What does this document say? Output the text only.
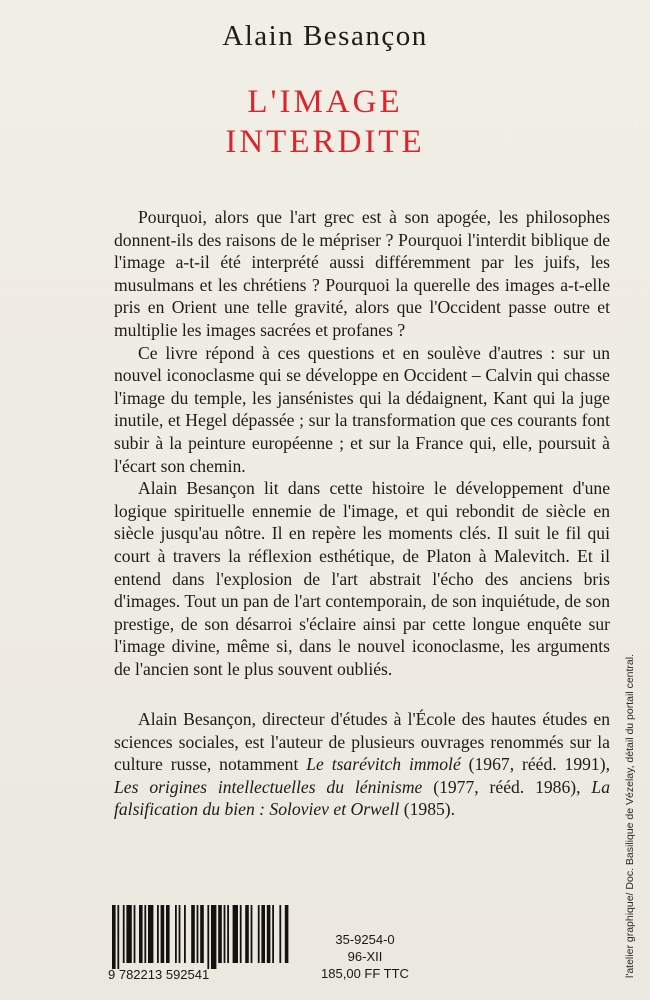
Alain Besançon
L'IMAGE
INTERDITE

Pourquoi, alors que l'art grec est à son apogée, les philosophes donnent-ils des raisons de le mépriser ? Pourquoi l'interdit biblique de l'image a-t-il été interprété aussi différemment par les juifs, les musulmans et les chrétiens ? Pourquoi la querelle des images a-t-elle pris en Orient une telle gravité, alors que l'Occident passe outre et multiplie les images sacrées et profanes ?

Ce livre répond à ces questions et en soulève d'autres : sur un nouvel iconoclasme qui se développe en Occident – Calvin qui chasse l'image du temple, les jansénistes qui la dédaignent, Kant qui la juge inutile, et Hegel dépassée ; sur la transformation que ces courants font subir à la peinture européenne ; et sur la France qui, elle, poursuit à l'écart son chemin.

Alain Besançon lit dans cette histoire le développement d'une logique spirituelle ennemie de l'image, et qui rebondit de siècle en siècle jusqu'au nôtre. Il en repère les moments clés. Il suit le fil qui court à travers la réflexion esthétique, de Platon à Malevitch. Et il entend dans l'explosion de l'art abstrait l'écho des anciens bris d'images. Tout un pan de l'art contemporain, de son inquiétude, de son prestige, de son désarroi s'éclaire ainsi par cette longue enquête sur l'image divine, même si, dans le nouvel iconoclasme, les arguments de l'ancien sont le plus souvent oubliés.

Alain Besançon, directeur d'études à l'École des hautes études en sciences sociales, est l'auteur de plusieurs ouvrages renommés sur la culture russe, notamment Le tsarévitch immolé (1967, rééd. 1991), Les origines intellectuelles du léninisme (1977, rééd. 1986), La falsification du bien : Soloviev et Orwell (1985).	l'atelier graphique/ Doc. Basilique de Vézelay, détail du portail central.
9 782213 592541
35-9254-0
96-XII
185,00 FF TTC
